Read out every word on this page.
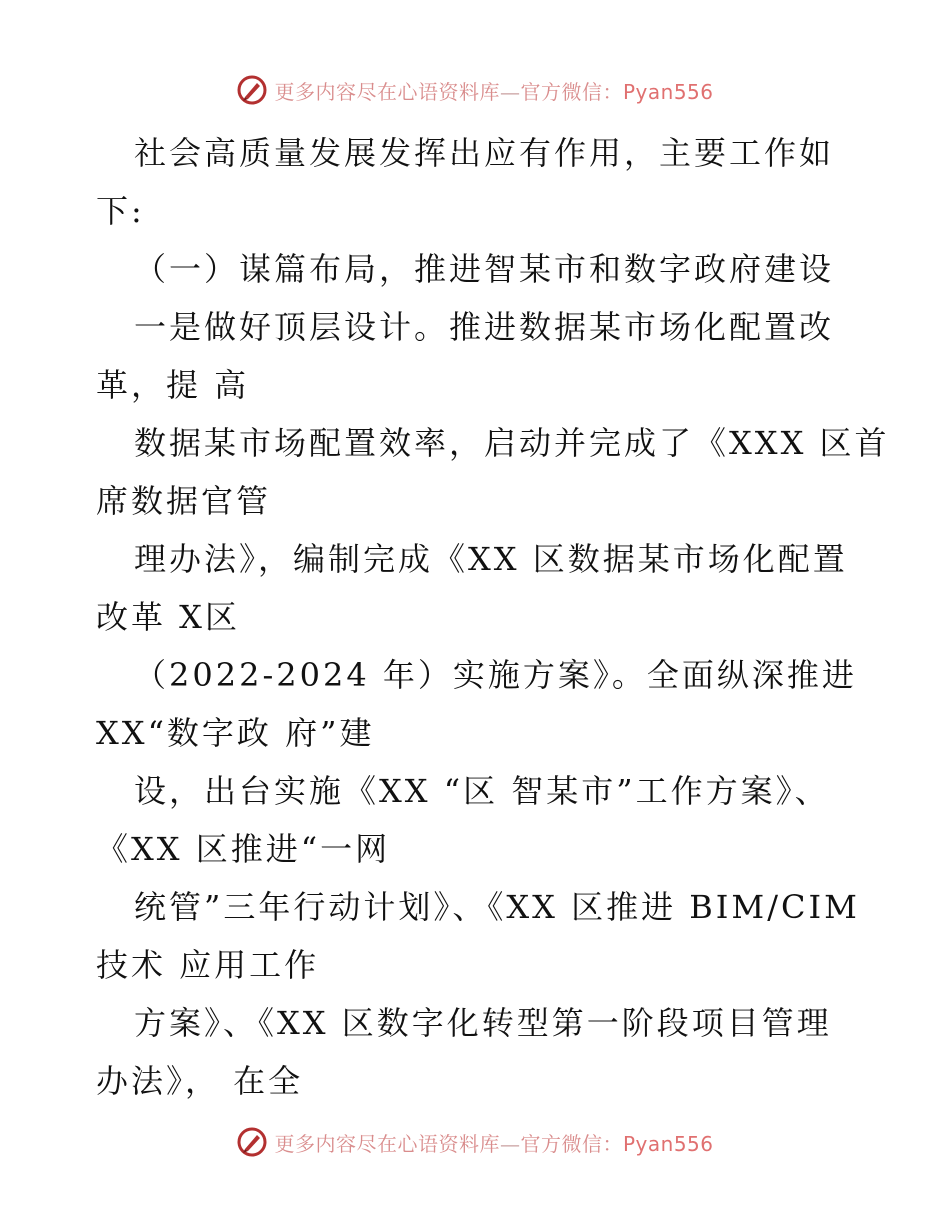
更多内容尽在心语资料库—官方微信：Pyan556
社会高质量发展发挥出应有作用，主要工作如
下:
（一）谋篇布局，推进智某市和数字政府建设
一是做好顶层设计。推进数据某市场化配置改
革，提 高
数据某市场配置效率，启动并完成了《XXX 区首
席数据官管
理办法》，编制完成《XX 区数据某市场化配置
改革 X区
（2022-2024 年）实施方案》。全面纵深推进
XX“数字政 府”建
设，出台实施《XX “区 智某市”工作方案》、
《XX 区推进“一网
统管”三年行动计划》、《XX 区推进 BIM/CIM
技术 应用工作
方案》、《XX 区数字化转型第一阶段项目管理
办法》， 在全
更多内容尽在心语资料库—官方微信：Pyan556
